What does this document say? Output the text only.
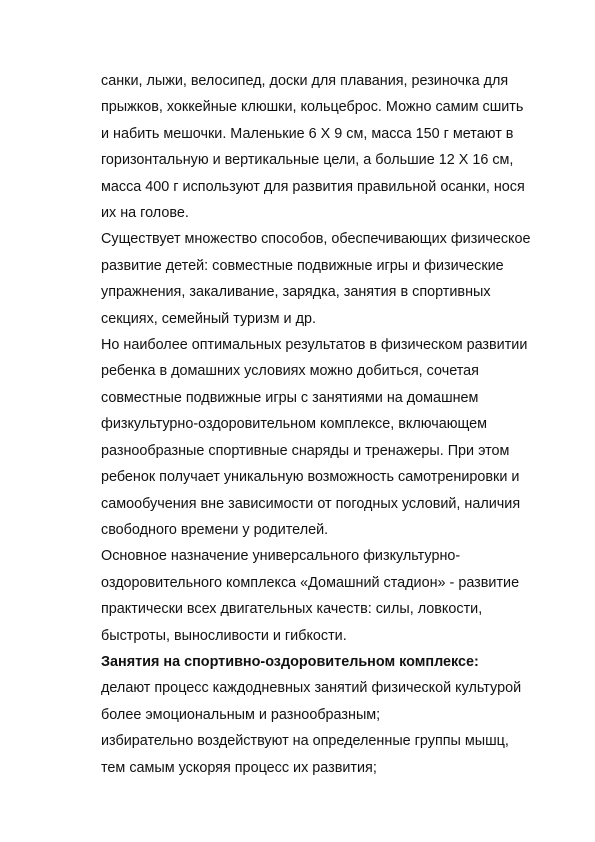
санки, лыжи, велосипед, доски для плавания, резиночка для
прыжков, хоккейные клюшки, кольцеброс. Можно самим сшить
и набить мешочки. Маленькие 6 Х 9 см, масса 150 г метают в
горизонтальную и вертикальные цели, а большие 12 Х 16 см,
масса 400 г используют для развития правильной осанки, нося
их на голове.
Существует множество способов, обеспечивающих физическое
развитие детей: совместные подвижные игры и физические
упражнения, закаливание, зарядка, занятия в спортивных
секциях, семейный туризм и др.
Но наиболее оптимальных результатов в физическом развитии
ребенка в домашних условиях можно добиться, сочетая
совместные подвижные игры с занятиями на домашнем
физкультурно-оздоровительном комплексе, включающем
разнообразные спортивные снаряды и тренажеры. При этом
ребенок получает уникальную возможность самотренировки и
самообучения вне зависимости от погодных условий, наличия
свободного времени у родителей.
Основное назначение универсального физкультурно-
оздоровительного комплекса «Домашний стадион» - развитие
практически всех двигательных качеств: силы, ловкости,
быстроты, выносливости и гибкости.
Занятия на спортивно-оздоровительном комплексе:
делают процесс каждодневных занятий физической культурой
более эмоциональным и разнообразным;
избирательно воздействуют на определенные группы мышц,
тем самым ускоряя процесс их развития;
